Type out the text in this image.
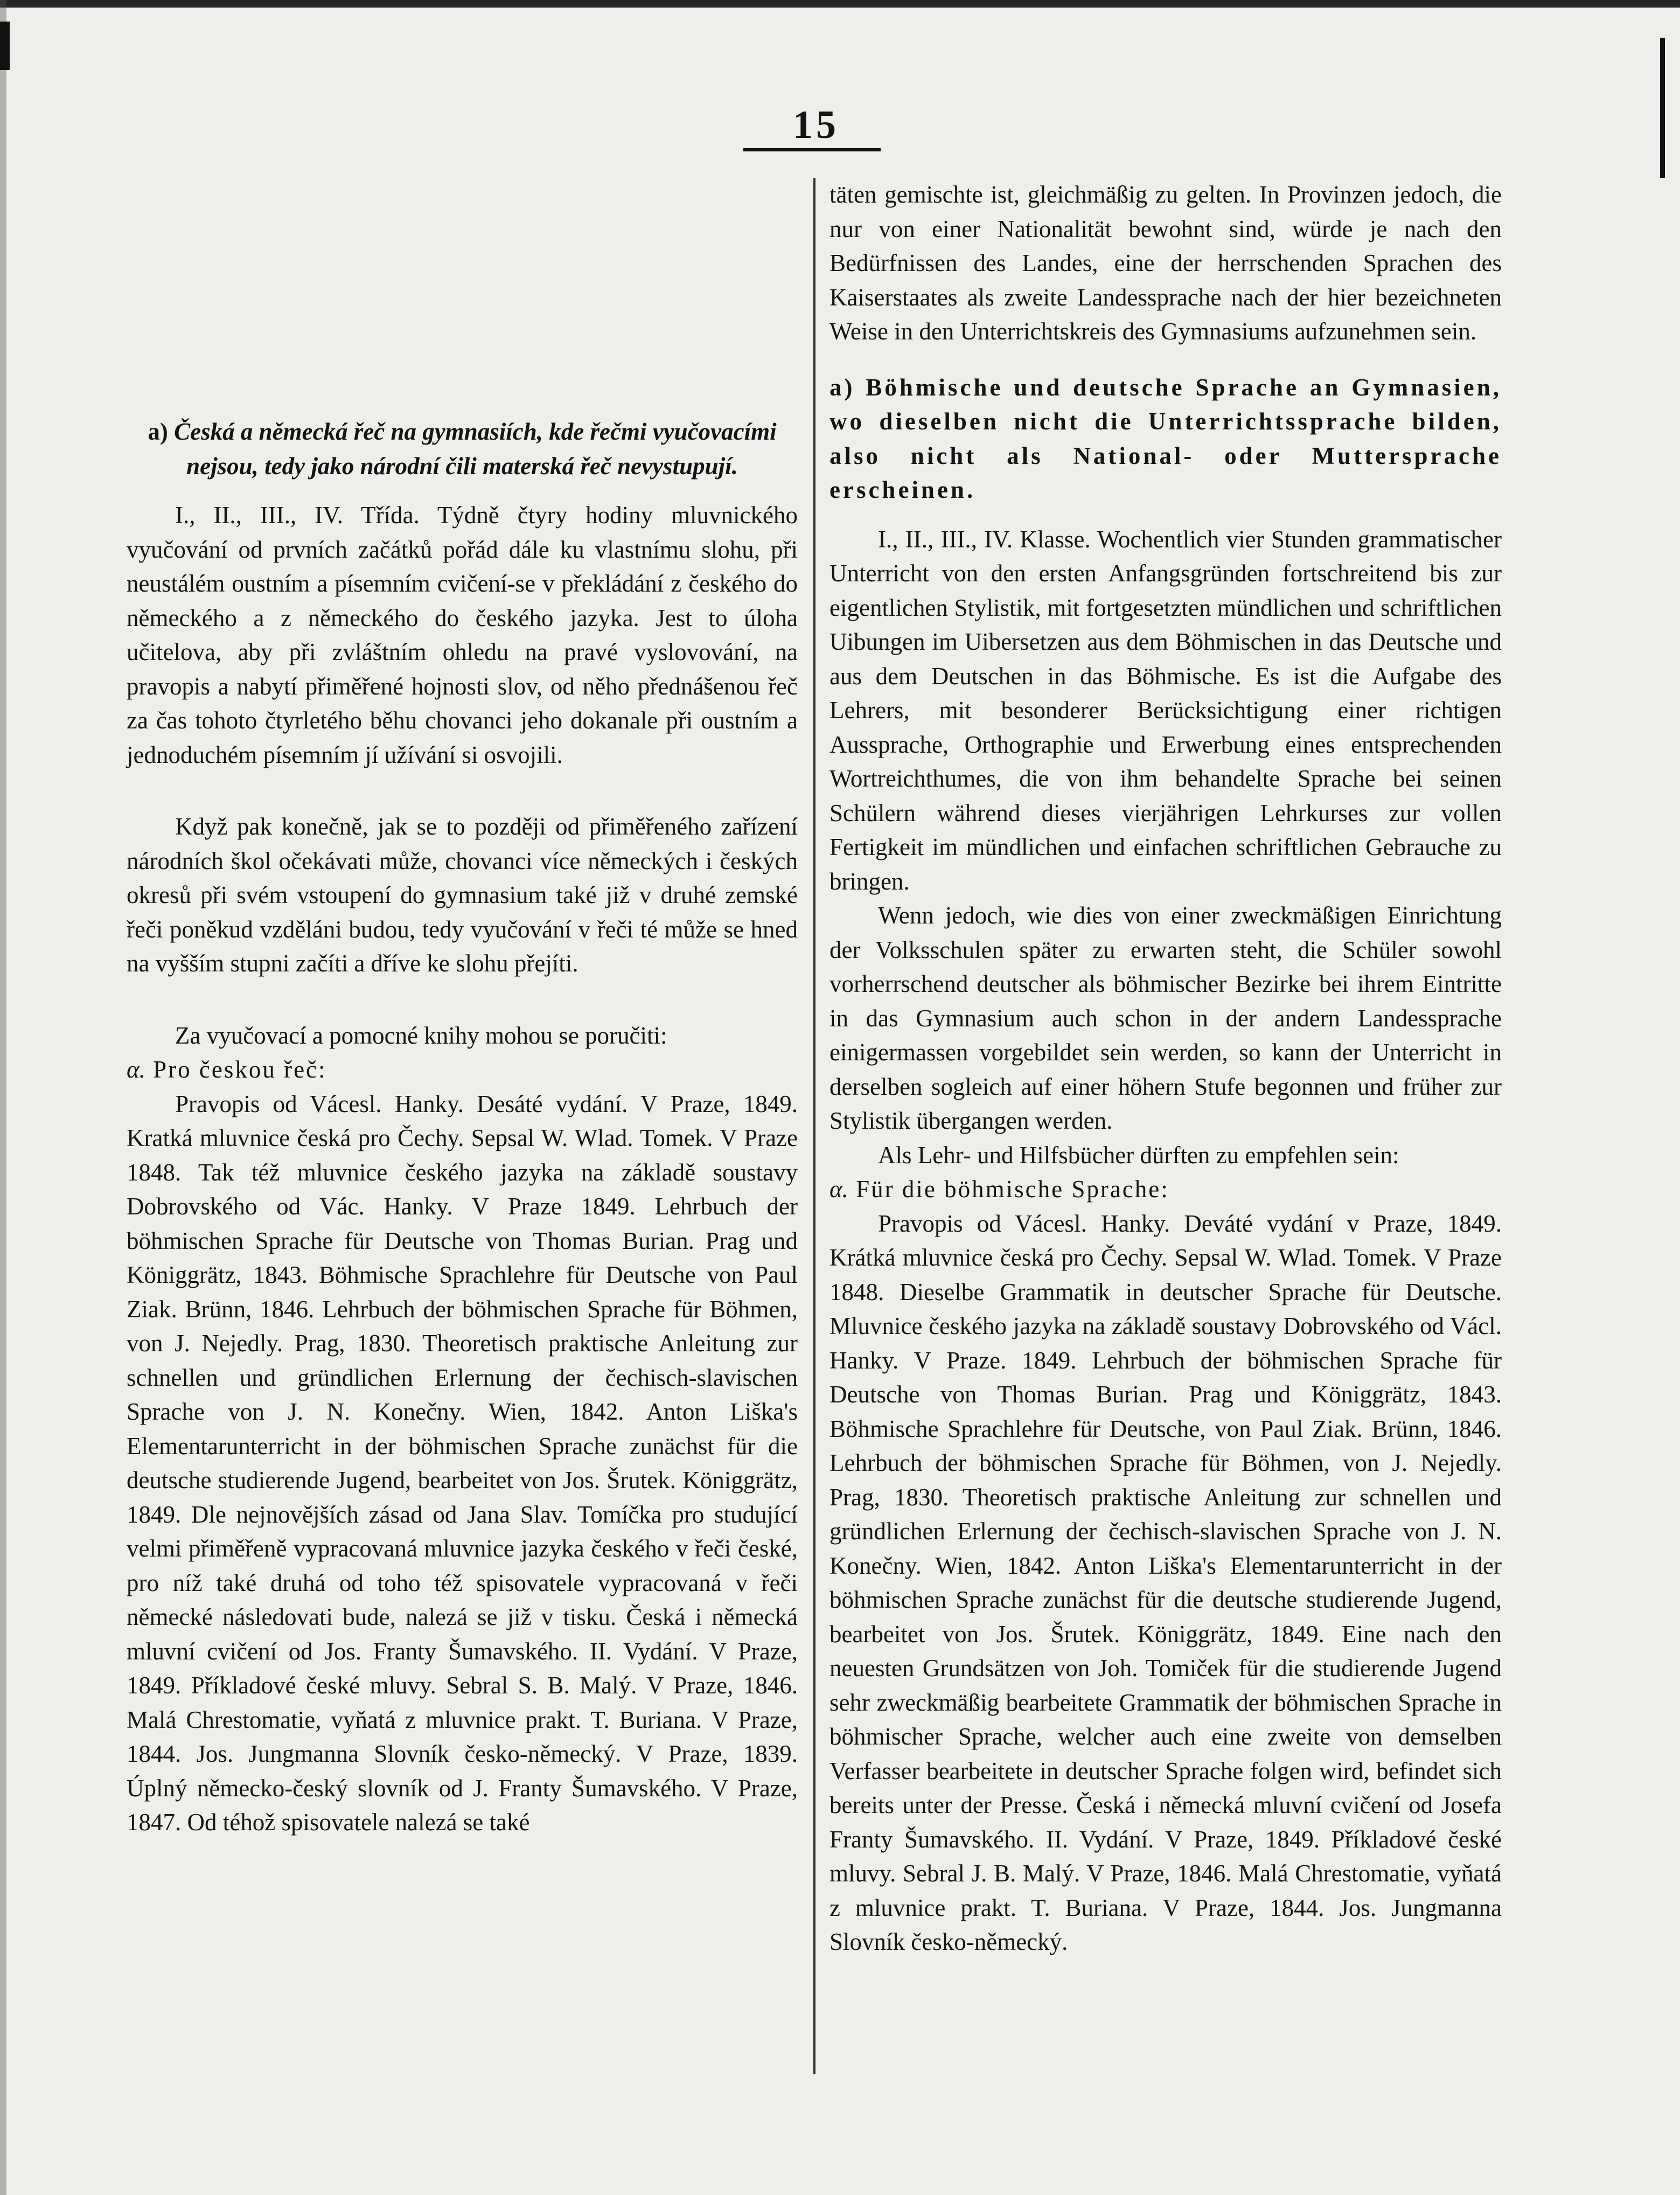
15

a) Česká a německá řeč na gymnasiích, kde řečmi vyučovacími nejsou, tedy jako národní čili materská řeč nevystupují.

I., II., III., IV. Třída. Týdně čtyry hodiny mluvnického vyučování od prvních začátků pořád dále ku vlastnímu slohu, při neustálém oustním a písemním cvičení-se v překládání z českého do německého a z německého do českého jazyka. Jest to úloha učitelova, aby při zvláštním ohledu na pravé vyslovování, na pravopis a nabytí přiměřené hojnosti slov, od něho přednášenou řeč za čas tohoto čtyrletého běhu chovanci jeho dokanale při oustním a jednoduchém písemním jí užívání si osvojili.

Když pak konečně, jak se to později od přiměřeného zařízení národních škol očekávati může, chovanci více německých i českých okresů při svém vstoupení do gymnasium také již v druhé zemské řeči poněkud vzděláni budou, tedy vyučování v řeči té může se hned na vyšším stupni začíti a dříve ke slohu přejíti.

Za vyučovací a pomocné knihy mohou se poručiti:

α. Pro českou řeč:

Pravopis od Vácesl. Hanky. Desáté vydání. V Praze, 1849. Kratká mluvnice česká pro Čechy. Sepsal W. Wlad. Tomek. V Praze 1848. Tak též mluvnice českého jazyka na základě soustavy Dobrovského od Vác. Hanky. V Praze 1849. Lehrbuch der böhmischen Sprache für Deutsche von Thomas Burian. Prag und Königgrätz, 1843. Böhmische Sprachlehre für Deutsche von Paul Ziak. Brünn, 1846. Lehrbuch der böhmischen Sprache für Böhmen, von J. Nejedly. Prag, 1830. Theoretisch praktische Anleitung zur schnellen und gründlichen Erlernung der čechisch-slavischen Sprache von J. N. Konečny. Wien, 1842. Anton Liška's Elementarunterricht in der böhmischen Sprache zunächst für die deutsche studierende Jugend, bearbeitet von Jos. Šrutek. Königgrätz, 1849. Dle nejnovějších zásad od Jana Slav. Tomíčka pro studující velmi přiměřeně vypracovaná mluvnice jazyka českého v řeči české, pro níž také druhá od toho též spisovatele vypracovaná v řeči německé následovati bude, nalezá se již v tisku. Česká i německá mluvní cvičení od Jos. Franty Šumavského. II. Vydání. V Praze, 1849. Příkladové české mluvy. Sebral S. B. Malý. V Praze, 1846. Malá Chrestomatie, vyňatá z mluvnice prakt. T. Buriana. V Praze, 1844. Jos. Jungmanna Slovník česko-německý. V Praze, 1839. Úplný německo-český slovník od J. Franty Šumavského. V Praze, 1847. Od téhož spisovatele nalezá se také

täten gemischte ist, gleichmäßig zu gelten. In Provinzen jedoch, die nur von einer Nationalität bewohnt sind, würde je nach den Bedürfnissen des Landes, eine der herrschenden Sprachen des Kaiserstaates als zweite Landessprache nach der hier bezeichneten Weise in den Unterrichtskreis des Gymnasiums aufzunehmen sein.

a) Böhmische und deutsche Sprache an Gymnasien, wo dieselben nicht die Unterrichtssprache bilden, also nicht als National- oder Muttersprache erscheinen.

I., II., III., IV. Klasse. Wochentlich vier Stunden grammatischer Unterricht von den ersten Anfangsgründen fortschreitend bis zur eigentlichen Stylistik, mit fortgesetzten mündlichen und schriftlichen Uibungen im Uibersetzen aus dem Böhmischen in das Deutsche und aus dem Deutschen in das Böhmische. Es ist die Aufgabe des Lehrers, mit besonderer Berücksichtigung einer richtigen Aussprache, Orthographie und Erwerbung eines entsprechenden Wortreichthumes, die von ihm behandelte Sprache bei seinen Schülern während dieses vierjährigen Lehrkurses zur vollen Fertigkeit im mündlichen und einfachen schriftlichen Gebrauche zu bringen.

Wenn jedoch, wie dies von einer zweckmäßigen Einrichtung der Volksschulen später zu erwarten steht, die Schüler sowohl vorherrschend deutscher als böhmischer Bezirke bei ihrem Eintritte in das Gymnasium auch schon in der andern Landessprache einigermassen vorgebildet sein werden, so kann der Unterricht in derselben sogleich auf einer höhern Stufe begonnen und früher zur Stylistik übergangen werden.

Als Lehr- und Hilfsbücher dürften zu empfehlen sein:

α. Für die böhmische Sprache:

Pravopis od Vácesl. Hanky. Deváté vydání v Praze, 1849. Krátká mluvnice česká pro Čechy. Sepsal W. Wlad. Tomek. V Praze 1848. Dieselbe Grammatik in deutscher Sprache für Deutsche. Mluvnice českého jazyka na základě soustavy Dobrovského od Václ. Hanky. V Praze. 1849. Lehrbuch der böhmischen Sprache für Deutsche von Thomas Burian. Prag und Königgrätz, 1843. Böhmische Sprachlehre für Deutsche, von Paul Ziak. Brünn, 1846. Lehrbuch der böhmischen Sprache für Böhmen, von J. Nejedly. Prag, 1830. Theoretisch praktische Anleitung zur schnellen und gründlichen Erlernung der čechisch-slavischen Sprache von J. N. Konečny. Wien, 1842. Anton Liška's Elementarunterricht in der böhmischen Sprache zunächst für die deutsche studierende Jugend, bearbeitet von Jos. Šrutek. Königgrätz, 1849. Eine nach den neuesten Grundsätzen von Joh. Tomiček für die studierende Jugend sehr zweckmäßig bearbeitete Grammatik der böhmischen Sprache in böhmischer Sprache, welcher auch eine zweite von demselben Verfasser bearbeitete in deutscher Sprache folgen wird, befindet sich bereits unter der Presse. Česká i německá mluvní cvičení od Josefa Franty Šumavského. II. Vydání. V Praze, 1849. Příkladové české mluvy. Sebral J. B. Malý. V Praze, 1846. Malá Chrestomatie, vyňatá z mluvnice prakt. T. Buriana. V Praze, 1844. Jos. Jungmanna Slovník česko-německý.
